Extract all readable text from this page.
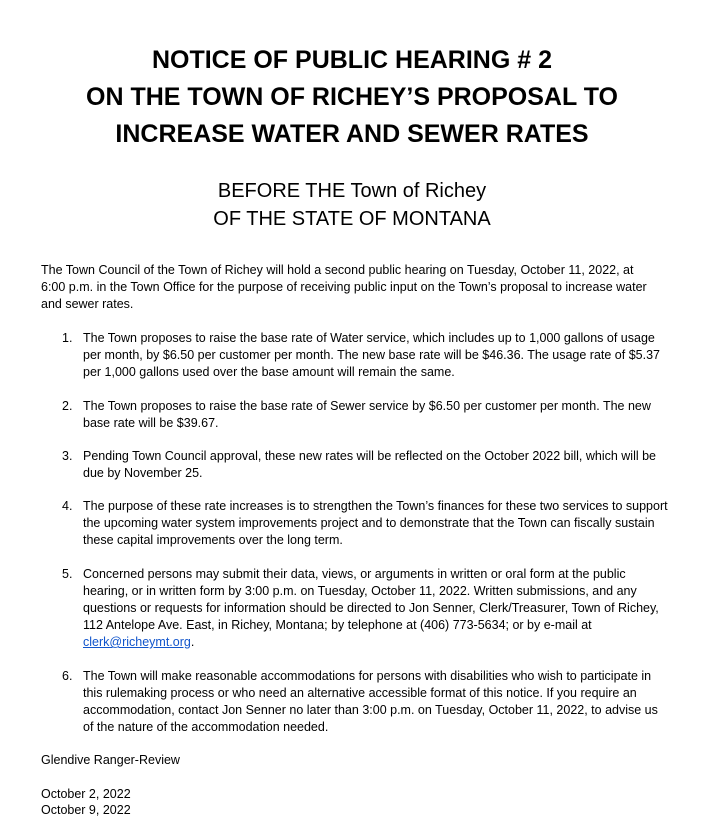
NOTICE OF PUBLIC HEARING # 2
ON THE TOWN OF RICHEY’S PROPOSAL TO
INCREASE WATER AND SEWER RATES
BEFORE THE Town of Richey
OF THE STATE OF MONTANA
The Town Council of the Town of Richey will hold a second public hearing on Tuesday, October 11, 2022, at 6:00 p.m. in the Town Office for the purpose of receiving public input on the Town’s proposal to increase water and sewer rates.
1. The Town proposes to raise the base rate of Water service, which includes up to 1,000 gallons of usage per month, by $6.50 per customer per month. The new base rate will be $46.36. The usage rate of $5.37 per 1,000 gallons used over the base amount will remain the same.
2. The Town proposes to raise the base rate of Sewer service by $6.50 per customer per month. The new base rate will be $39.67.
3. Pending Town Council approval, these new rates will be reflected on the October 2022 bill, which will be due by November 25.
4. The purpose of these rate increases is to strengthen the Town’s finances for these two services to support the upcoming water system improvements project and to demonstrate that the Town can fiscally sustain these capital improvements over the long term.
5. Concerned persons may submit their data, views, or arguments in written or oral form at the public hearing, or in written form by 3:00 p.m. on Tuesday, October 11, 2022. Written submissions, and any questions or requests for information should be directed to Jon Senner, Clerk/Treasurer, Town of Richey, 112 Antelope Ave. East, in Richey, Montana; by telephone at (406) 773-5634; or by e-mail at clerk@richeymt.org.
6. The Town will make reasonable accommodations for persons with disabilities who wish to participate in this rulemaking process or who need an alternative accessible format of this notice. If you require an accommodation, contact Jon Senner no later than 3:00 p.m. on Tuesday, October 11, 2022, to advise us of the nature of the accommodation needed.
Glendive Ranger-Review
October 2, 2022
October 9, 2022
